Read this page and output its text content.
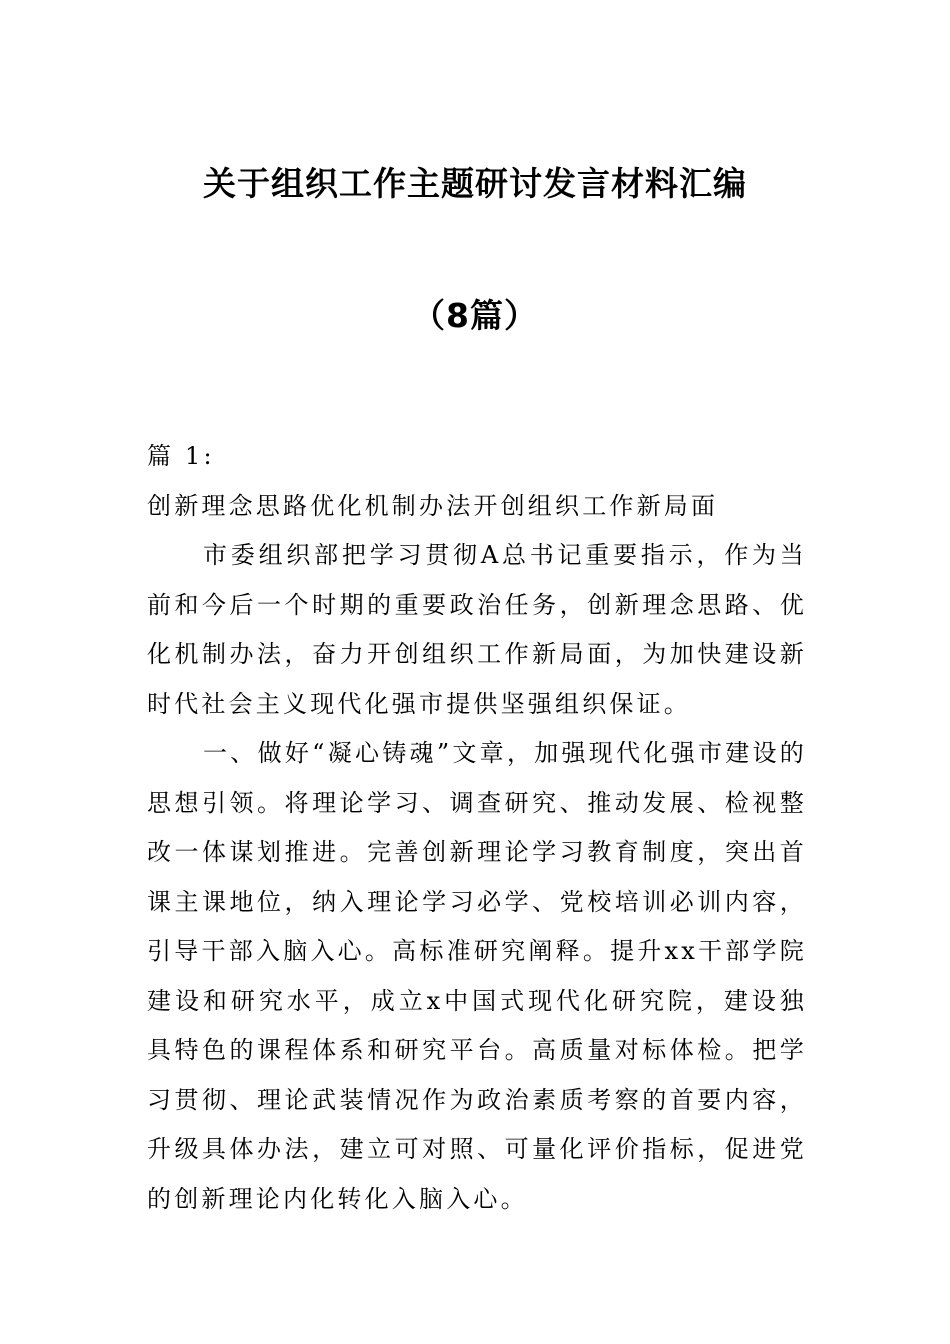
关于组织工作主题研讨发言材料汇编
（8篇）

篇 1:

创新理念思路优化机制办法开创组织工作新局面

市委组织部把学习贯彻A总书记重要指示，作为当前和今后一个时期的重要政治任务，创新理念思路、优化机制办法，奋力开创组织工作新局面，为加快建设新时代社会主义现代化强市提供坚强组织保证。

一、做好“凝心铸魂”文章，加强现代化强市建设的思想引领。将理论学习、调查研究、推动发展、检视整改一体谋划推进。完善创新理论学习教育制度，突出首课主课地位，纳入理论学习必学、党校培训必训内容，引导干部入脑入心。高标准研究阐释。提升xx干部学院建设和研究水平，成立x中国式现代化研究院，建设独具特色的课程体系和研究平台。高质量对标体检。把学习贯彻、理论武装情况作为政治素质考察的首要内容，升级具体办法，建立可对照、可量化评价指标，促进党的创新理论内化转化入脑入心。
